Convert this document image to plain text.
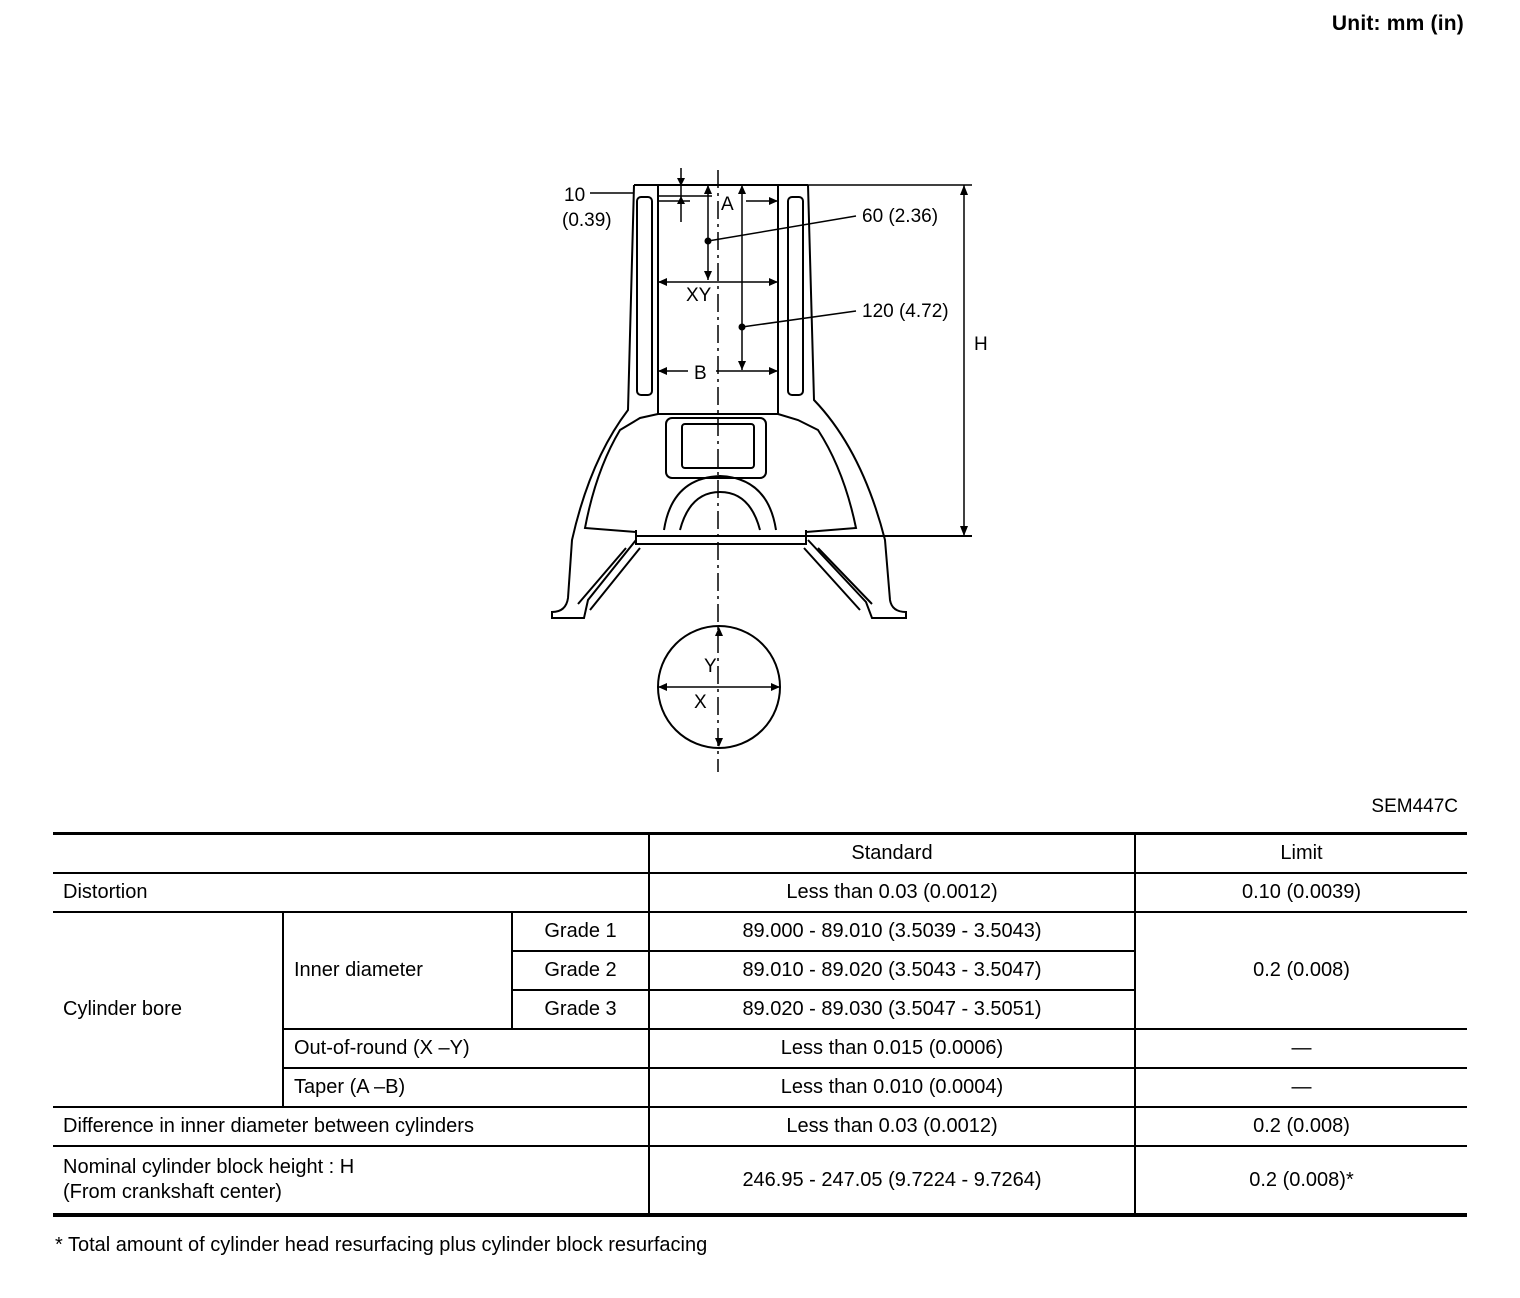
Unit: mm (in)
10
(0.39)
A
XY
B
60 (2.36)
120 (4.72)
H
Y
X
SEM447C
			Standard	Limit
Distortion			Less than 0.03 (0.0012)	0.10 (0.0039)
Cylinder bore	Inner diameter	Grade 1	89.000 - 89.010 (3.5039 - 3.5043)	0.2 (0.008)
		Grade 2	89.010 - 89.020 (3.5043 - 3.5047)	
		Grade 3	89.020 - 89.030 (3.5047 - 3.5051)	
	Out-of-round (X –Y)		Less than 0.015 (0.0006)	—
	Taper (A –B)		Less than 0.010 (0.0004)	—
Difference in inner diameter between cylinders			Less than 0.03 (0.0012)	0.2 (0.008)

Nominal cylinder block height : H
(From crankshaft center)			246.95 - 247.05 (9.7224 - 9.7264)	0.2 (0.008)*
* Total amount of cylinder head resurfacing plus cylinder block resurfacing
